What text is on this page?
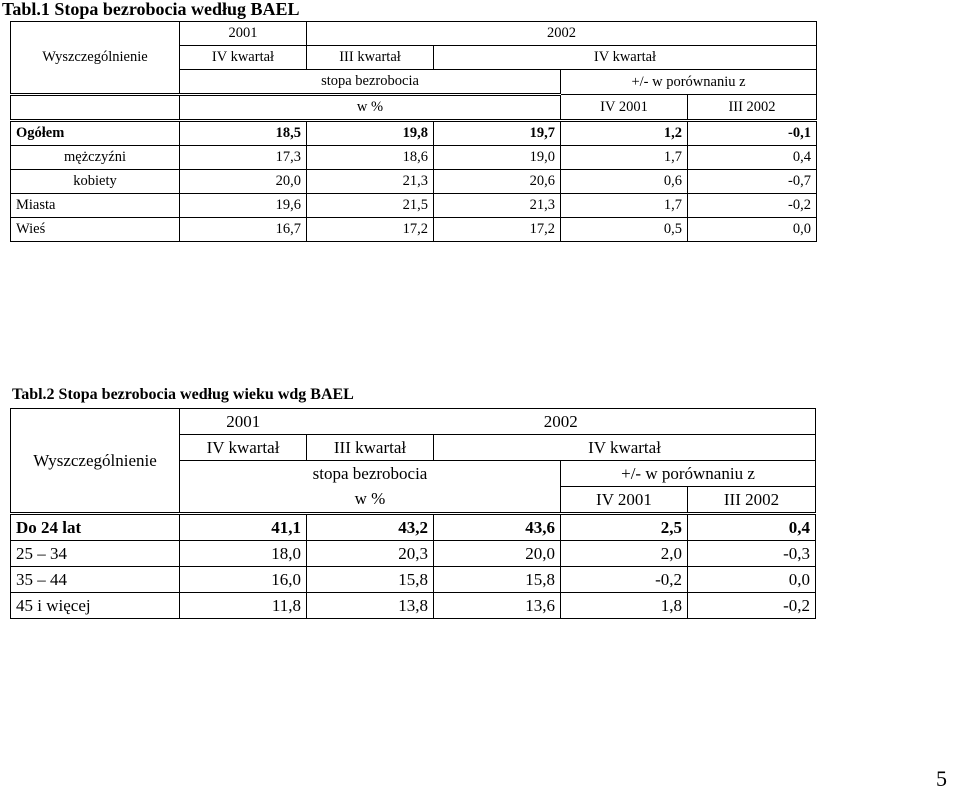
Tabl.1 Stopa bezrobocia według BAEL
Wyszczególnienie	2001	2002			
	IV kwartał	III kwartał	IV kwartał		
	stopa bezrobocia			+/- w porównaniu z	
	w %			IV 2001	III 2002
Ogółem	18,5	19,8	19,7	1,2	-0,1
mężczyźni	17,3	18,6	19,0	1,7	0,4
kobiety	20,0	21,3	20,6	0,6	-0,7
Miasta	19,6	21,5	21,3	1,7	-0,2
Wieś	16,7	17,2	17,2	0,5	0,0
Tabl.2 Stopa bezrobocia według wieku wdg BAEL
Wyszczególnienie	2001	2002			
	IV kwartał	III kwartał	IV kwartał		
	stopa bezrobocia			+/- w porównaniu z	
	w %			IV 2001	III 2002
Do 24 lat	41,1	43,2	43,6	2,5	0,4
25 – 34	18,0	20,3	20,0	2,0	-0,3
35 – 44	16,0	15,8	15,8	-0,2	0,0
45 i więcej	11,8	13,8	13,6	1,8	-0,2
5
